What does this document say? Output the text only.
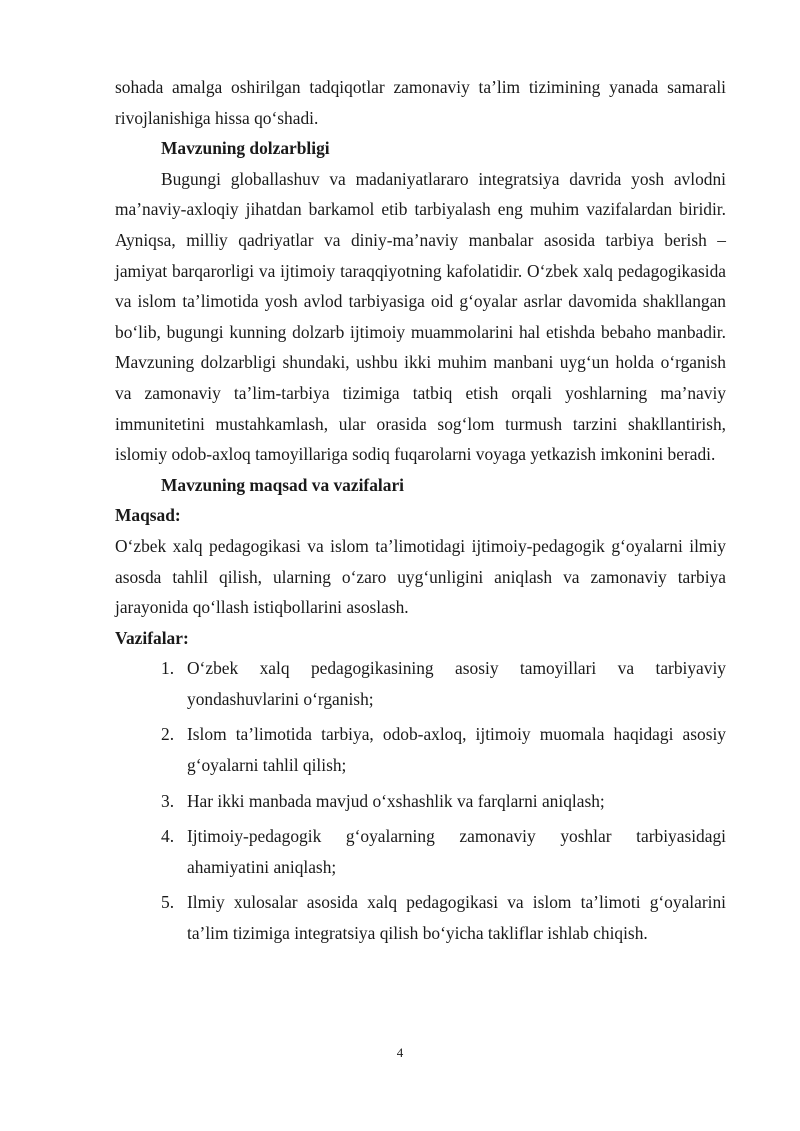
sohada amalga oshirilgan tadqiqotlar zamonaviy ta’lim tizimining yanada samarali rivojlanishiga hissa qo‘shadi.

Mavzuning dolzarbligi

Bugungi globallashuv va madaniyatlararo integratsiya davrida yosh avlodni ma’naviy-axloqiy jihatdan barkamol etib tarbiyalash eng muhim vazifalardan biridir. Ayniqsa, milliy qadriyatlar va diniy-ma’naviy manbalar asosida tarbiya berish – jamiyat barqarorligi va ijtimoiy taraqqiyotning kafolatidir. O‘zbek xalq pedagogikasida va islom ta’limotida yosh avlod tarbiyasiga oid g‘oyalar asrlar davomida shakllangan bo‘lib, bugungi kunning dolzarb ijtimoiy muammolarini hal etishda bebaho manbadir. Mavzuning dolzarbligi shundaki, ushbu ikki muhim manbani uyg‘un holda o‘rganish va zamonaviy ta’lim-tarbiya tizimiga tatbiq etish orqali yoshlarning ma’naviy immunitetini mustahkamlash, ular orasida sog‘lom turmush tarzini shakllantirish, islomiy odob-axloq tamoyillariga sodiq fuqarolarni voyaga yetkazish imkonini beradi.

Mavzuning maqsad va vazifalari

Maqsad:

O‘zbek xalq pedagogikasi va islom ta’limotidagi ijtimoiy-pedagogik g‘oyalarni ilmiy asosda tahlil qilish, ularning o‘zaro uyg‘unligini aniqlash va zamonaviy tarbiya jarayonida qo‘llash istiqbollarini asoslash.

Vazifalar:

1. O‘zbek xalq pedagogikasining asosiy tamoyillari va tarbiyaviy yondashuvlarini o‘rganish;
2. Islom ta’limotida tarbiya, odob-axloq, ijtimoiy muomala haqidagi asosiy g‘oyalarni tahlil qilish;
3. Har ikki manbada mavjud o‘xshashlik va farqlarni aniqlash;
4. Ijtimoiy-pedagogik g‘oyalarning zamonaviy yoshlar tarbiyasidagi ahamiyatini aniqlash;
5. Ilmiy xulosalar asosida xalq pedagogikasi va islom ta’limoti g‘oyalarini ta’lim tizimiga integratsiya qilish bo‘yicha takliflar ishlab chiqish.
4
